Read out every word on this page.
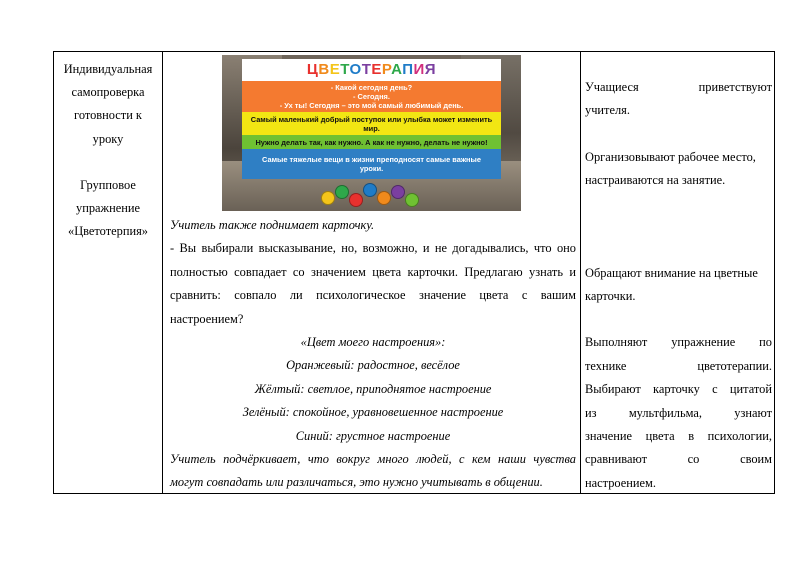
Индивидуальная
самопроверка
готовности к
уроку
Групповое
упражнение
«Цветотерпия»
ЦВЕТОТЕРАПИЯ
- Какой сегодня день?
- Сегодня.
- Ух ты! Сегодня – это мой самый любимый день.
Самый маленький добрый поступок или улыбка может изменить
мир.
Нужно делать так, как нужно. А как не нужно, делать не нужно!
Самые тяжелые вещи в жизни преподносят самые важные
уроки.

Учитель также поднимает карточку.

- Вы выбирали высказывание, но, возможно, и не догадывались, что оно

полностью совпадает со значением цвета карточки. Предлагаю узнать и

сравнить: совпало ли психологическое значение цвета с вашим

настроением?

«Цвет моего настроения»:

Оранжевый: радостное, весёлое

Жёлтый: светлое, приподнятое настроение

Зелёный: спокойное, уравновешенное настроение

Синий: грустное настроение

Учитель подчёркивает, что вокруг много людей, с кем наши чувства

могут совпадать или различаться, это нужно учитывать в общении.

Учащиеся приветствуют

учителя.

Организовывают рабочее место,

настраиваются на занятие.

Обращают внимание на цветные

карточки.

Выполняют упражнение по

технике цветотерапии.

Выбирают карточку с цитатой

из мультфильма, узнают

значение цвета в психологии,

сравнивают со своим

настроением.
